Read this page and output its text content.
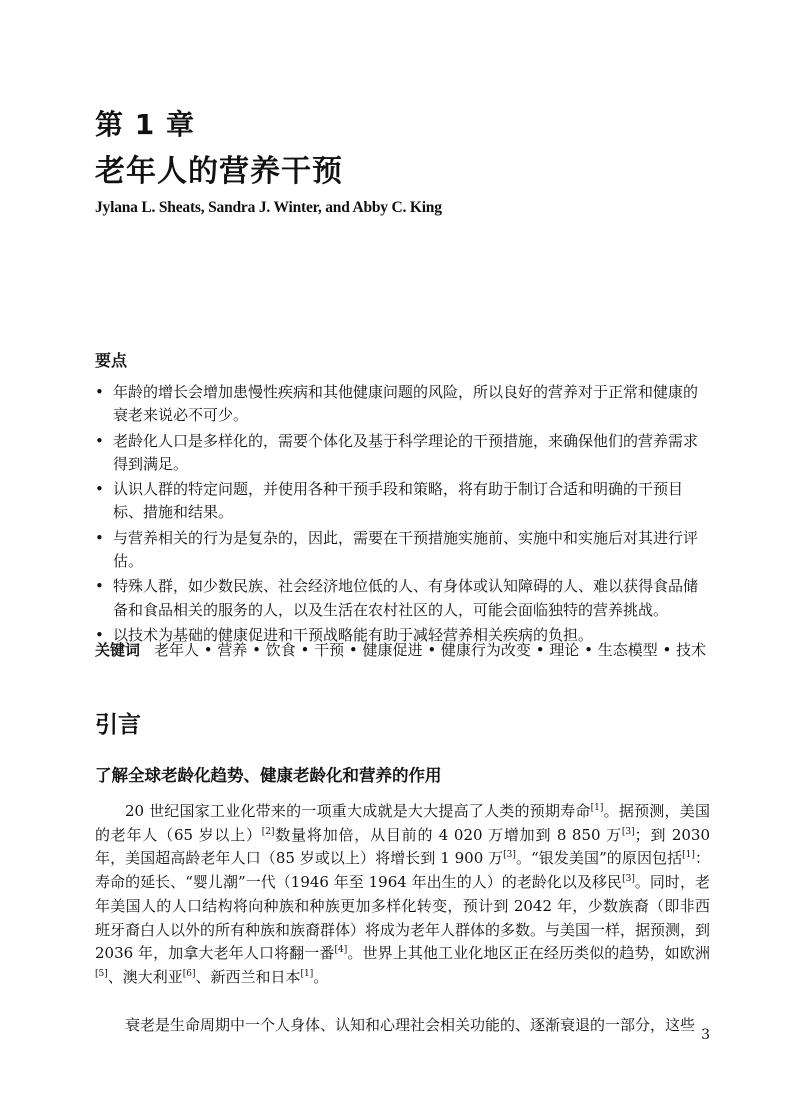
第 1 章
老年人的营养干预
Jylana L. Sheats, Sandra J. Winter, and Abby C. King
要点
• 年龄的增长会增加患慢性疾病和其他健康问题的风险，所以良好的营养对于正常和健康的衰老来说必不可少。
• 老龄化人口是多样化的，需要个体化及基于科学理论的干预措施，来确保他们的营养需求得到满足。
• 认识人群的特定问题，并使用各种干预手段和策略，将有助于制订合适和明确的干预目标、措施和结果。
• 与营养相关的行为是复杂的，因此，需要在干预措施实施前、实施中和实施后对其进行评估。
• 特殊人群，如少数民族、社会经济地位低的人、有身体或认知障碍的人、难以获得食品储备和食品相关的服务的人，以及生活在农村社区的人，可能会面临独特的营养挑战。
• 以技术为基础的健康促进和干预战略能有助于减轻营养相关疾病的负担。
关键词 老年人 • 营养 • 饮食 • 干预 • 健康促进 • 健康行为改变 • 理论 • 生态模型 • 技术
引言
了解全球老龄化趋势、健康老龄化和营养的作用

20 世纪国家工业化带来的一项重大成就是大大提高了人类的预期寿命[1]。据预测，美国的老年人（65 岁以上）[2]数量将加倍，从目前的 4 020 万增加到 8 850 万[3]；到 2030 年，美国超高龄老年人口（85 岁或以上）将增长到 1 900 万[3]。“银发美国”的原因包括[1]：寿命的延长、“婴儿潮”一代（1946 年至 1964 年出生的人）的老龄化以及移民[3]。同时，老年美国人的人口结构将向种族和种族更加多样化转变，预计到 2042 年，少数族裔（即非西班牙裔白人以外的所有种族和族裔群体）将成为老年人群体的多数。与美国一样，据预测，到 2036 年，加拿大老年人口将翻一番[4]。世界上其他工业化地区正在经历类似的趋势，如欧洲[5]、澳大利亚[6]、新西兰和日本[1]。

衰老是生命周期中一个人身体、认知和心理社会相关功能的、逐渐衰退的一部分，这些

3
